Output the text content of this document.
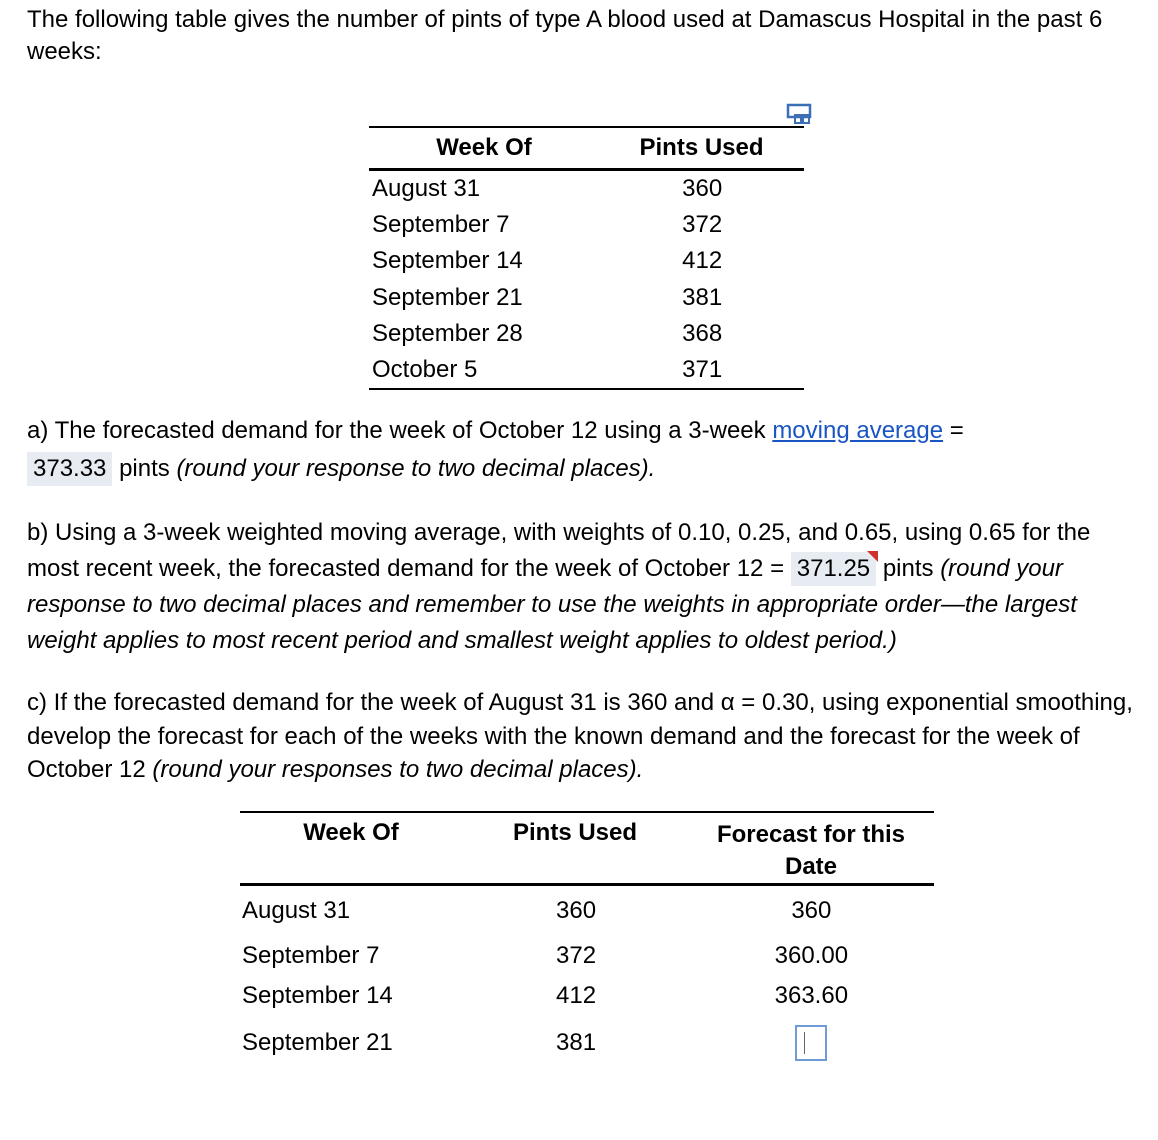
The following table gives the number of pints of type A blood used at Damascus Hospital in the past 6 weeks:

Week Of	Pints Used
August 31	360
September 7	372
September 14	412
September 21	381
September 28	368
October 5	371

a) The forecasted demand for the week of October 12 using a 3-week moving average =
373.33 pints (round your response to two decimal places).

b) Using a 3-week weighted moving average, with weights of 0.10, 0.25, and 0.65, using 0.65 for the most recent week, the forecasted demand for the week of October 12 = 371.25
pints (round your response to two decimal places and remember to use the weights in appropriate order—the largest weight applies to most recent period and smallest weight applies to oldest period.)

c) If the forecasted demand for the week of August 31 is 360 and α = 0.30, using exponential smoothing, develop the forecast for each of the weeks with the known demand and the forecast for the week of October 12 (round your responses to two decimal places).

Week Of	Pints Used	Forecast for this Date
August 31	360	360
September 7	372	360.00
September 14	412	363.60
September 21	381
